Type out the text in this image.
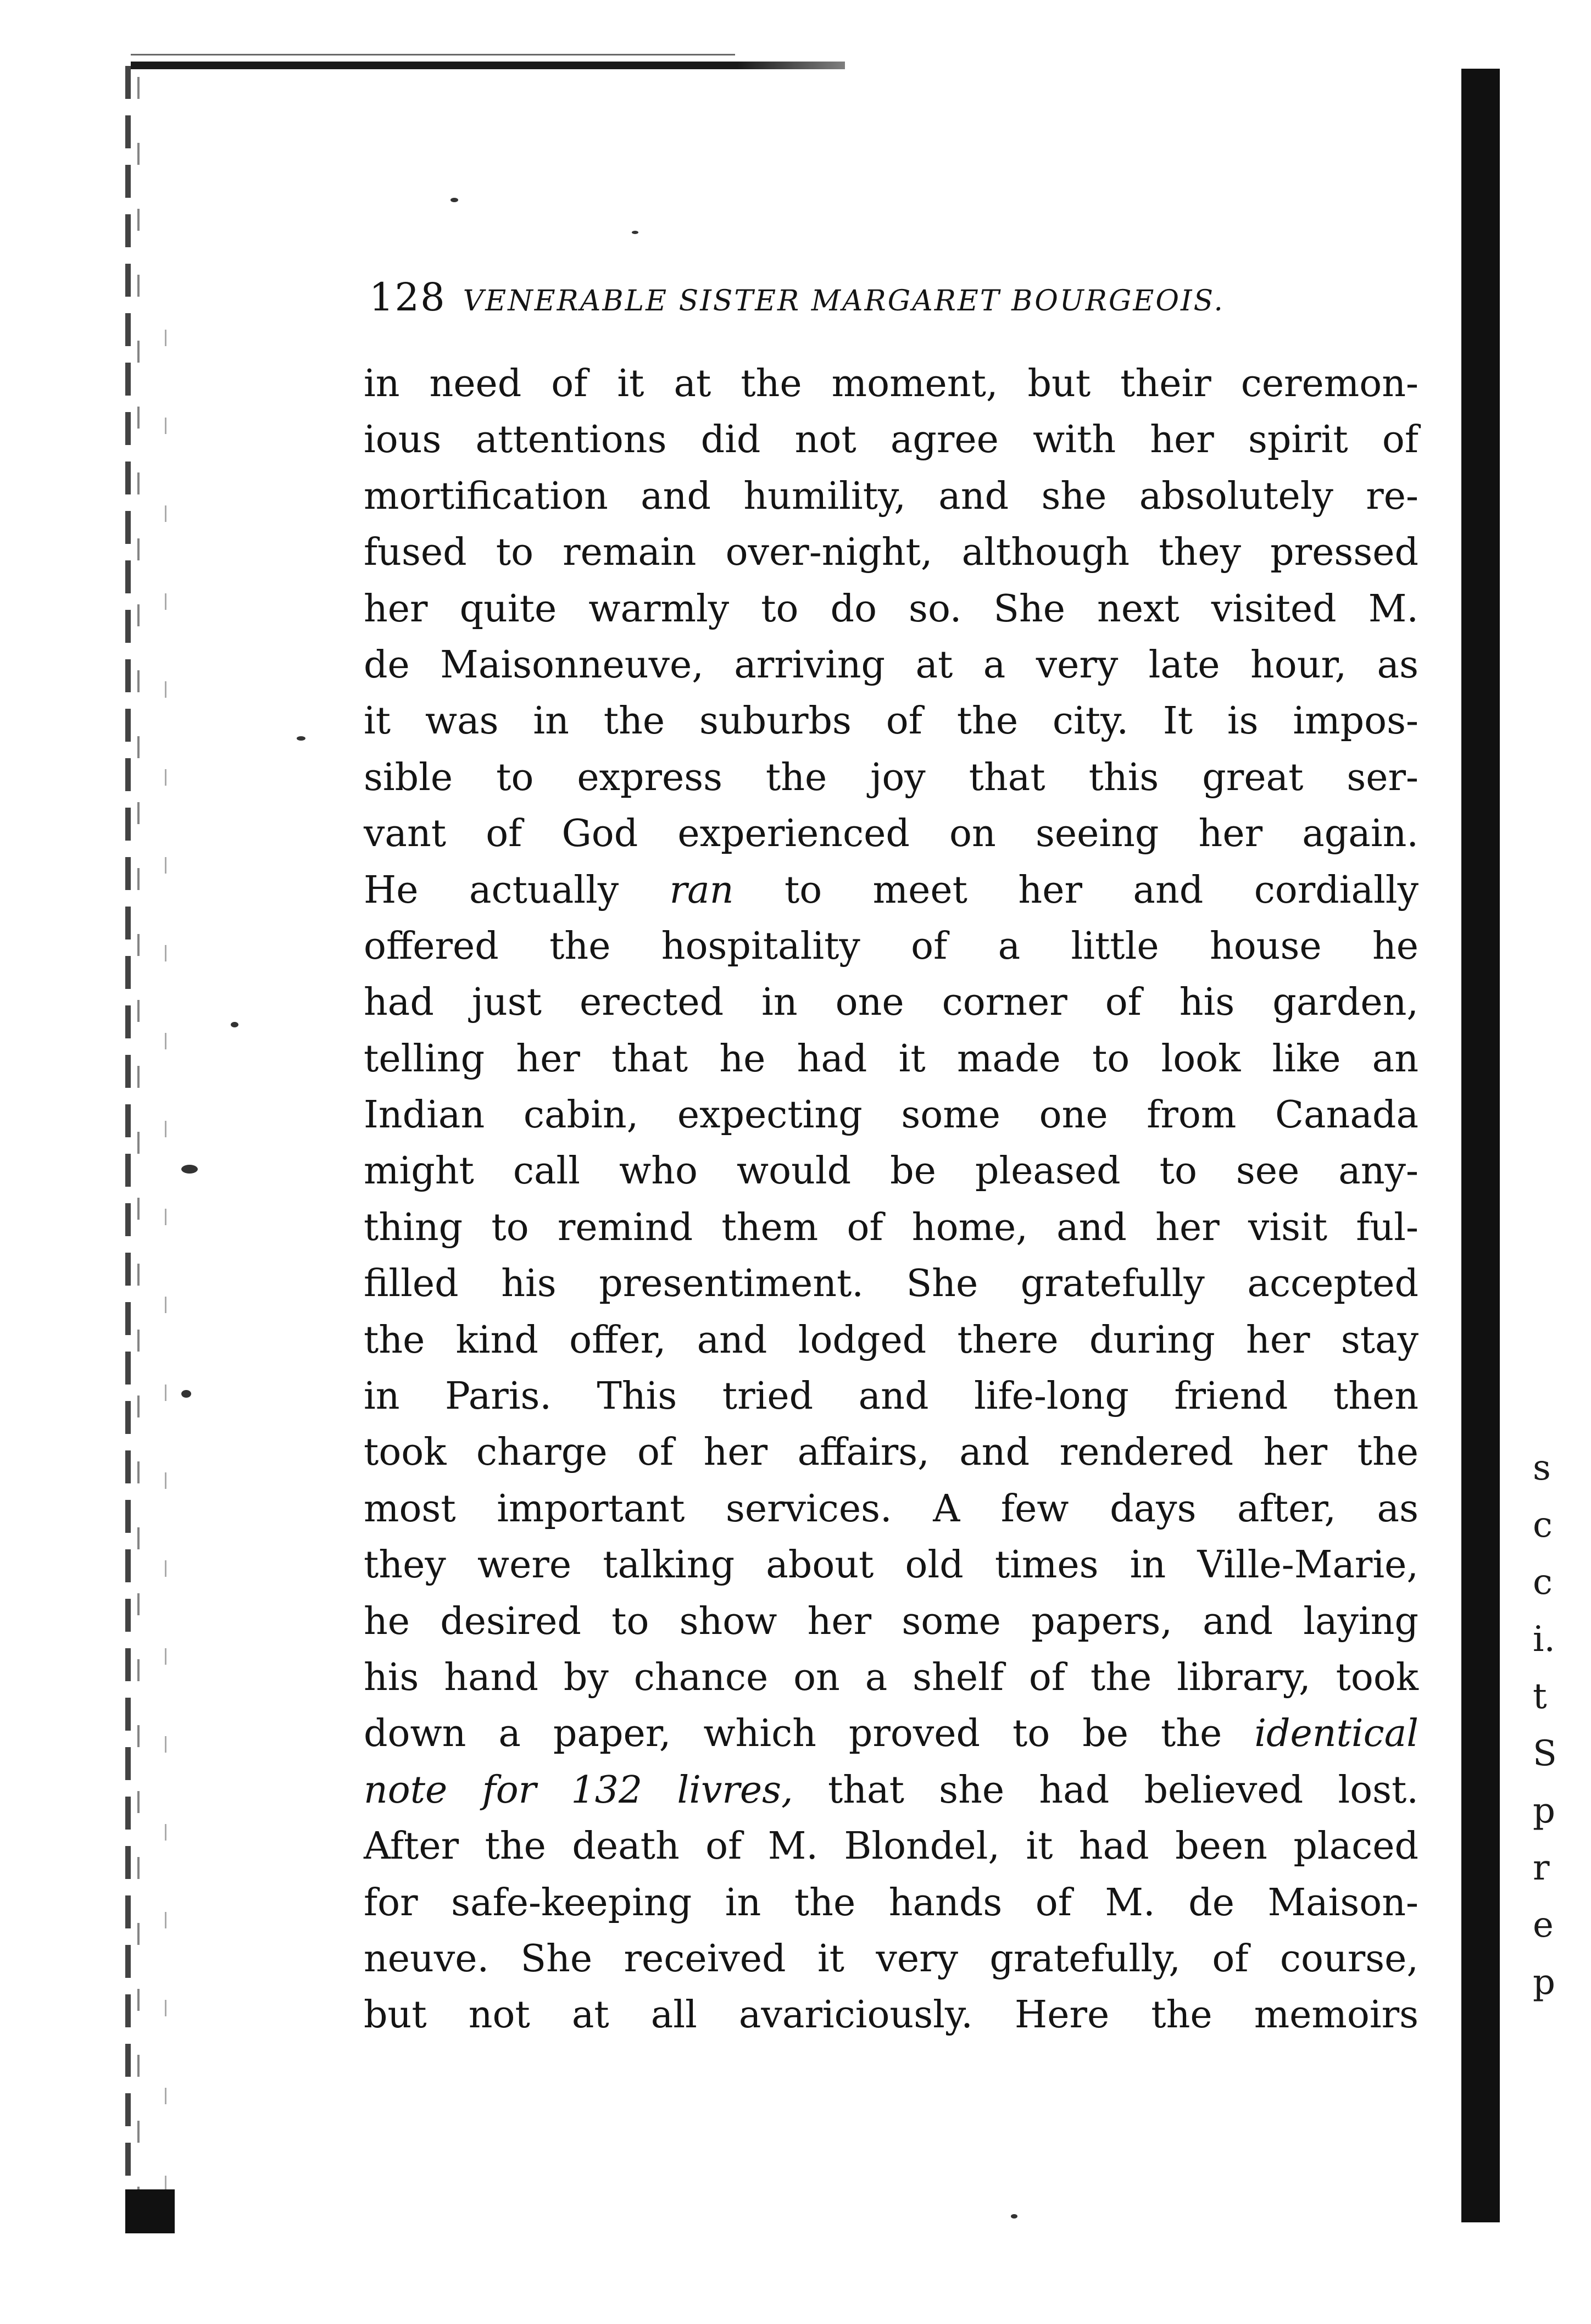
128 VENERABLE SISTER MARGARET BOURGEOIS.
in need of it at the moment, but their ceremon-
ious attentions did not agree with her spirit of
mortification and humility, and she absolutely re-
fused to remain over-night, although they pressed
her quite warmly to do so. She next visited M.
de Maisonneuve, arriving at a very late hour, as
it was in the suburbs of the city. It is impos-
sible to express the joy that this great ser-
vant of God experienced on seeing her again.
He actually ran to meet her and cordially
offered the hospitality of a little house he
had just erected in one corner of his garden,
telling her that he had it made to look like an
Indian cabin, expecting some one from Canada
might call who would be pleased to see any-
thing to remind them of home, and her visit ful-
filled his presentiment. She gratefully accepted
the kind offer, and lodged there during her stay
in Paris. This tried and life-long friend then
took charge of her affairs, and rendered her the
most important services. A few days after, as
they were talking about old times in Ville-Marie,
he desired to show her some papers, and laying
his hand by chance on a shelf of the library, took
down a paper, which proved to be the identical
note for 132 livres, that she had believed lost.
After the death of M. Blondel, it had been placed
for safe-keeping in the hands of M. de Maison-
neuve. She received it very gratefully, of course,
but not at all avariciously. Here the memoirs
s
c
c
i.
t
S
p
r
e
p
